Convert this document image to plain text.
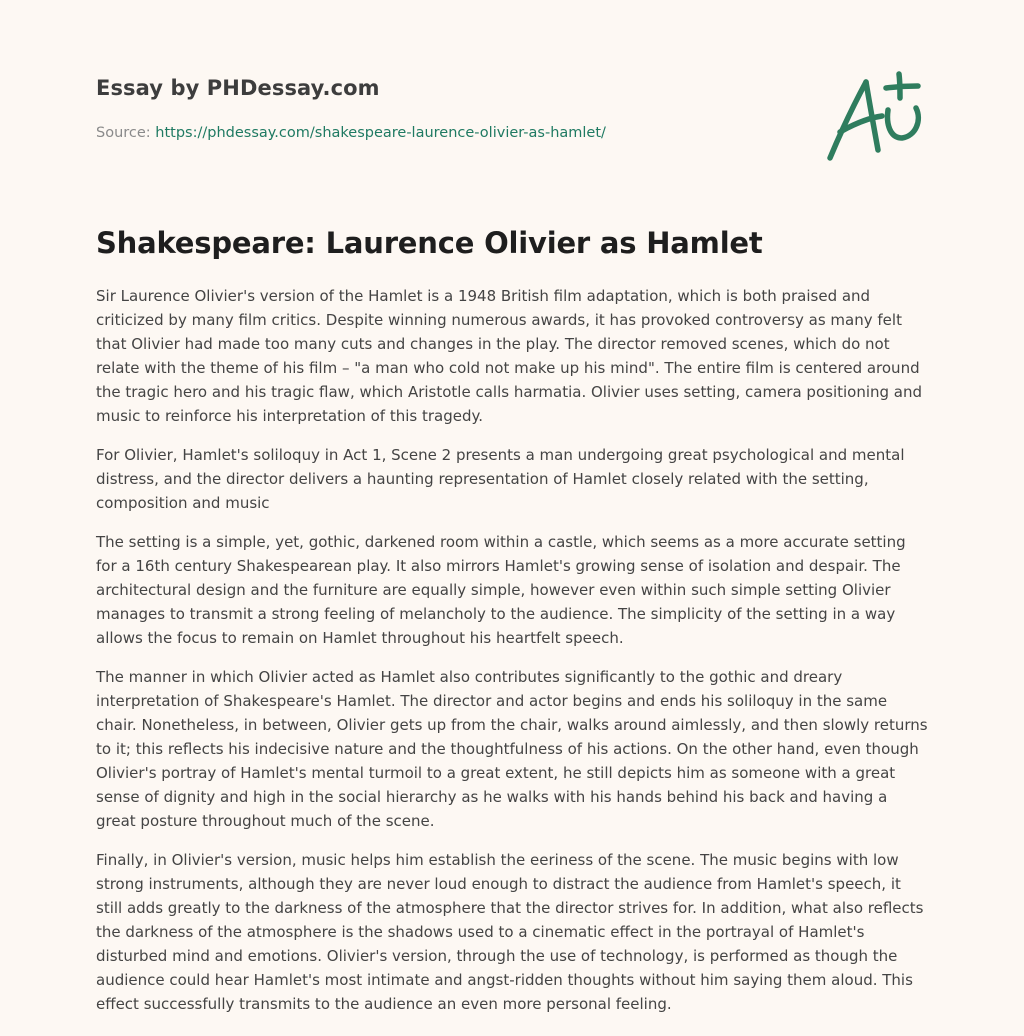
Essay by PHDessay.com
Source: https://phdessay.com/shakespeare-laurence-olivier-as-hamlet/
Shakespeare: Laurence Olivier as Hamlet

Sir Laurence Olivier's version of the Hamlet is a 1948 British film adaptation, which is both praised and criticized by many film critics. Despite winning numerous awards, it has provoked controversy as many felt that Olivier had made too many cuts and changes in the play. The director removed scenes, which do not relate with the theme of his film – "a man who cold not make up his mind". The entire film is centered around the tragic hero and his tragic flaw, which Aristotle calls harmatia. Olivier uses setting, camera positioning and music to reinforce his interpretation of this tragedy.

For Olivier, Hamlet's soliloquy in Act 1, Scene 2 presents a man undergoing great psychological and mental distress, and the director delivers a haunting representation of Hamlet closely related with the setting, composition and music

The setting is a simple, yet, gothic, darkened room within a castle, which seems as a more accurate setting for a 16th century Shakespearean play. It also mirrors Hamlet's growing sense of isolation and despair. The architectural design and the furniture are equally simple, however even within such simple setting Olivier manages to transmit a strong feeling of melancholy to the audience. The simplicity of the setting in a way allows the focus to remain on Hamlet throughout his heartfelt speech.

The manner in which Olivier acted as Hamlet also contributes significantly to the gothic and dreary interpretation of Shakespeare's Hamlet. The director and actor begins and ends his soliloquy in the same chair. Nonetheless, in between, Olivier gets up from the chair, walks around aimlessly, and then slowly returns to it; this reflects his indecisive nature and the thoughtfulness of his actions. On the other hand, even though Olivier's portray of Hamlet's mental turmoil to a great extent, he still depicts him as someone with a great sense of dignity and high in the social hierarchy as he walks with his hands behind his back and having a great posture throughout much of the scene.

Finally, in Olivier's version, music helps him establish the eeriness of the scene. The music begins with low strong instruments, although they are never loud enough to distract the audience from Hamlet's speech, it still adds greatly to the darkness of the atmosphere that the director strives for. In addition, what also reflects the darkness of the atmosphere is the shadows used to a cinematic effect in the portrayal of Hamlet's disturbed mind and emotions. Olivier's version, through the use of technology, is performed as though the audience could hear Hamlet's most intimate and angst-ridden thoughts without him saying them aloud. This effect successfully transmits to the audience an even more personal feeling.
